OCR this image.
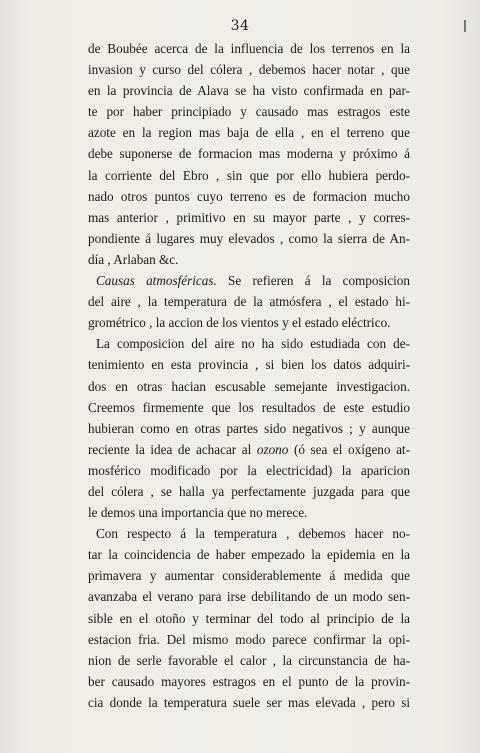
34
de Boubée acerca de la influencia de los terrenos en la
invasion y curso del cólera , debemos hacer notar , que
en la provincia de Alava se ha visto confirmada en par-
te por haber principiado y causado mas estragos este
azote en la region mas baja de ella , en el terreno que
debe suponerse de formacion mas moderna y próximo á
la corriente del Ebro , sin que por ello hubiera perdo-
nado otros puntos cuyo terreno es de formacion mucho
mas anterior , primitivo en su mayor parte , y corres-
pondiente á lugares muy elevados , como la sierra de An-
día , Arlaban &c.
Causas atmosféricas. Se refieren á la composicion
del aire , la temperatura de la atmósfera , el estado hi-
grométrico , la accion de los vientos y el estado eléctrico.
La composicion del aire no ha sido estudiada con de-
tenimiento en esta provincia , si bien los datos adquiri-
dos en otras hacian escusable semejante investigacion.
Creemos firmemente que los resultados de este estudio
hubieran como en otras partes sido negativos ; y aunque
reciente la idea de achacar al ozono (ó sea el oxígeno at-
mosférico modificado por la electricidad) la aparicion
del cólera , se halla ya perfectamente juzgada para que
le demos una importancia que no merece.
Con respecto á la temperatura , debemos hacer no-
tar la coincidencia de haber empezado la epidemia en la
primavera y aumentar considerablemente á medida que
avanzaba el verano para irse debilitando de un modo sen-
sible en el otoño y terminar del todo al principio de la
estacion fria. Del mismo modo parece confirmar la opi-
nion de serle favorable el calor , la circunstancia de ha-
ber causado mayores estragos en el punto de la provin-
cia donde la temperatura suele ser mas elevada , pero si
